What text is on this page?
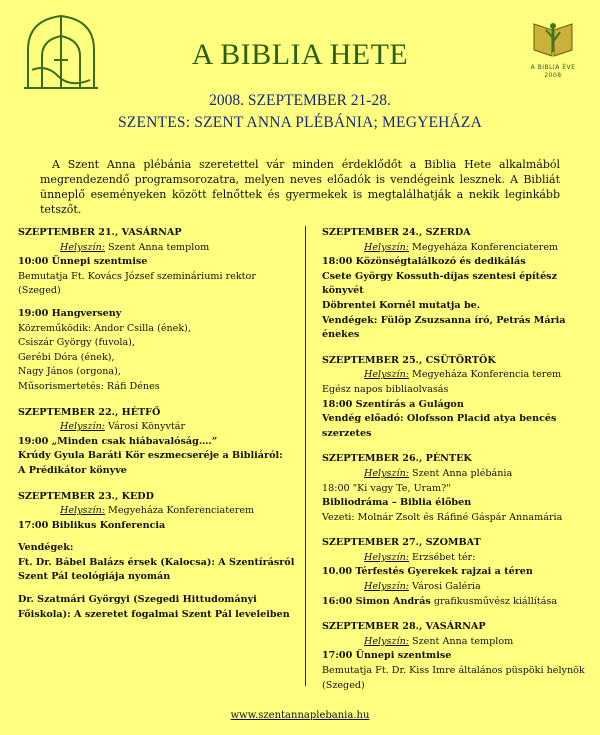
A BIBLIA ÉVE
2008
A BIBLIA HETE
2008. SZEPTEMBER 21-28.
SZENTES: SZENT ANNA PLÉBÁNIA; MEGYEHÁZA
A Szent Anna plébánia szeretettel vár minden érdeklődőt a Biblia Hete alkalmából megrendezendő programsorozatra, melyen neves előadók is vendégeink lesznek. A Bibliát ünneplő eseményeken között felnőttek és gyermekek is megtalálhatják a nekik leginkább tetszőt.
SZEPTEMBER 21., VASÁRNAP
Helyszín: Szent Anna templom
10:00 Ünnepi szentmise
Bemutatja Ft. Kovács József szemináriumi rektor
(Szeged)
19:00 Hangverseny
Közreműködik: Andor Csilla (ének),
Csiszár György (fuvola),
Gerébi Dóra (ének),
Nagy János (orgona),
Műsorismertetés: Ráfi Dénes
SZEPTEMBER 22., HÉTFŐ
Helyszín: Városi Könyvtár
19:00 „Minden csak hiábavalóság….”
Krúdy Gyula Baráti Kör eszmecseréje a Bibliáról:
A Prédikátor könyve
SZEPTEMBER 23., KEDD
Helyszín: Megyeháza Konferenciaterem
17:00 Biblikus Konferencia
Vendégek:
Ft. Dr. Bábel Balázs érsek (Kalocsa): A Szentírásról
Szent Pál teológiája nyomán
Dr. Szatmári Györgyi (Szegedi Hittudományi
Főiskola): A szeretet fogalmai Szent Pál leveleiben
SZEPTEMBER 24., SZERDA
Helyszín: Megyeháza Konferenciaterem
18:00 Közönségtalálkozó és dedikálás
Csete György Kossuth-díjas szentesi építész könyvét
Döbrentei Kornél mutatja be.
Vendégek: Fülöp Zsuzsanna író, Petrás Mária énekes
SZEPTEMBER 25., CSÜTÖRTÖK
Helyszín: Megyeháza Konferencia terem
Egész napos bibliaolvasás
18:00 Szentírás a Gulágon
Vendég előadó: Olofsson Placid atya bencés szerzetes
SZEPTEMBER 26., PÉNTEK
Helyszín: Szent Anna plébánia
18:00 "Ki vagy Te, Uram?"
Bibliodráma – Biblia élőben
Vezeti: Molnár Zsolt és Ráfiné Gáspár Annamária
SZEPTEMBER 27., SZOMBAT
Helyszín: Erzsébet tér:
10.00 Térfestés Gyerekek rajzai a téren
Helyszín: Városi Galéria
16:00 Simon András grafikusművész kiállítása
SZEPTEMBER 28., VASÁRNAP
Helyszín: Szent Anna templom
17:00 Ünnepi szentmise
Bemutatja Ft. Dr. Kiss Imre általános püspöki helynök
(Szeged)
www.szentannaplebania.hu
